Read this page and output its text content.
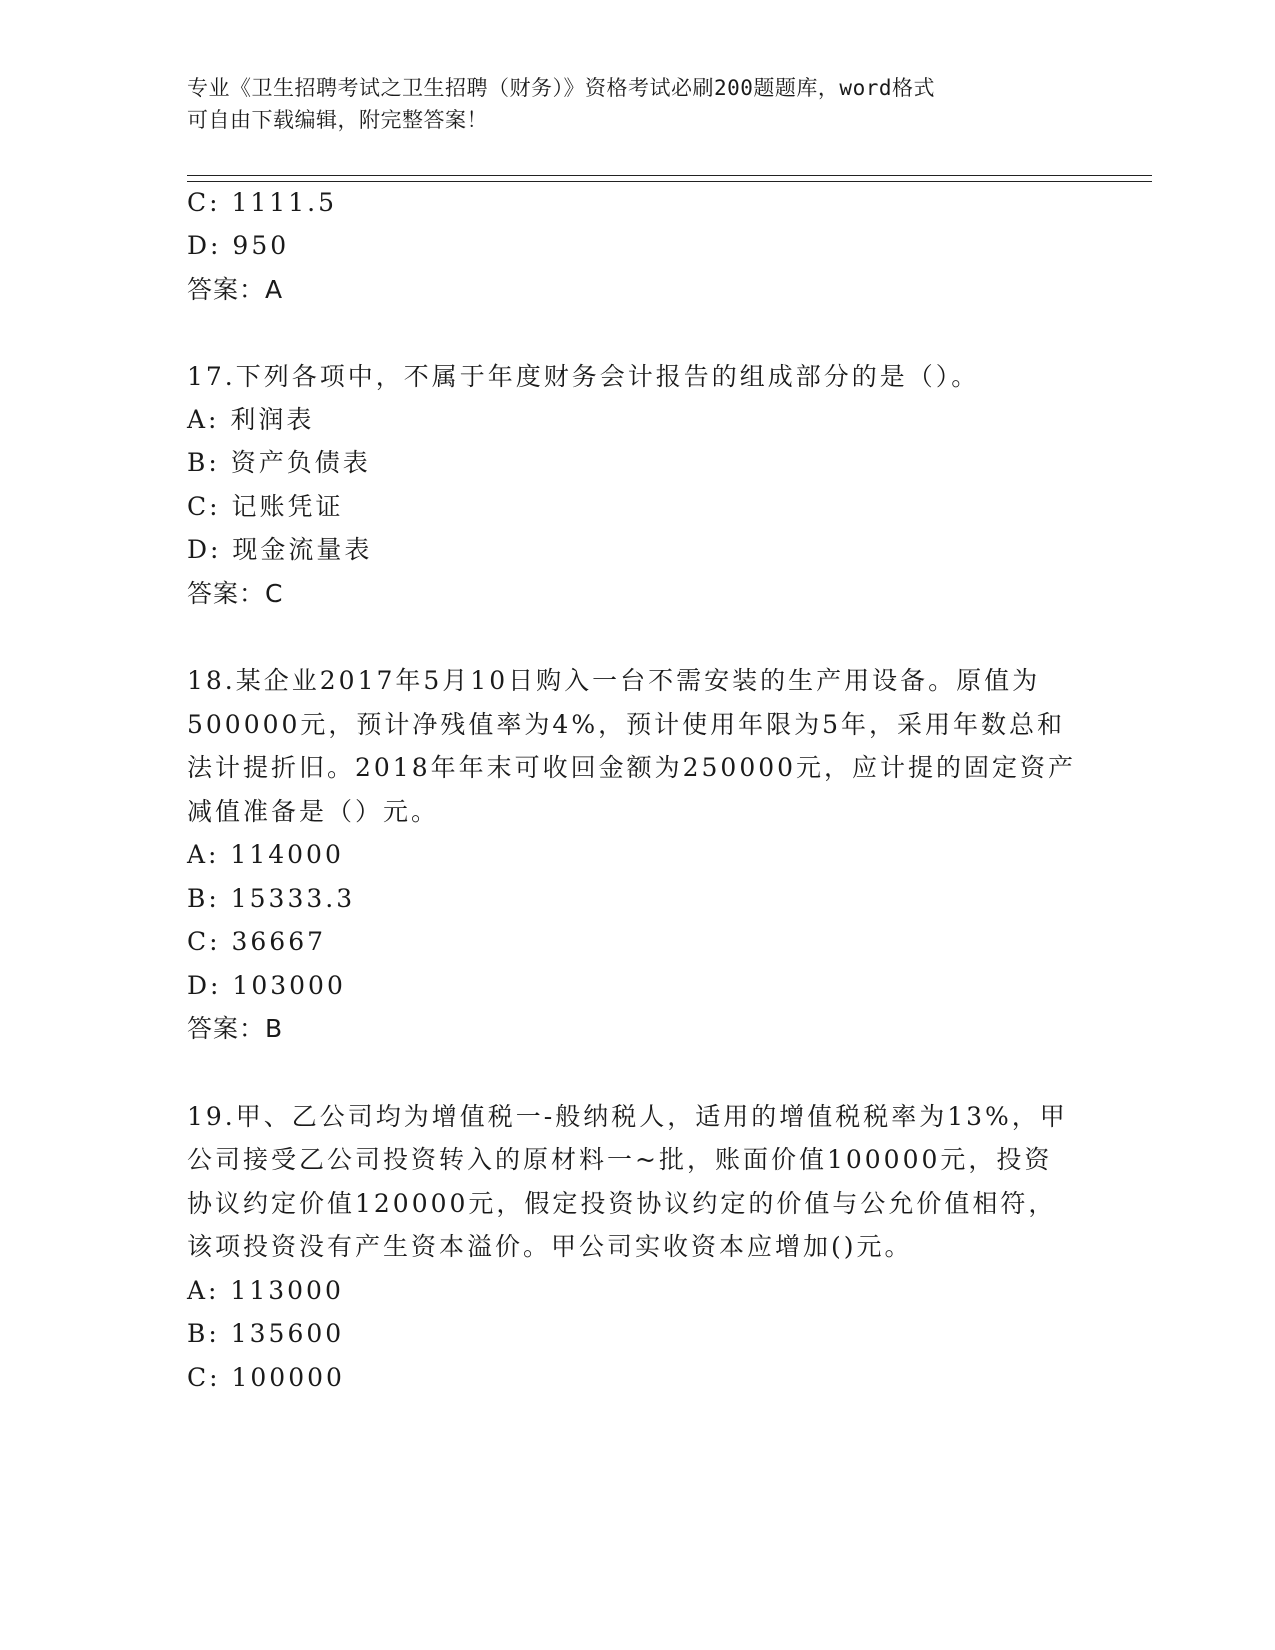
专业《卫生招聘考试之卫生招聘（财务）》资格考试必刷200题题库，word格式
可自由下载编辑，附完整答案！
C: 1111.5
D: 950
答案：A
17.下列各项中，不属于年度财务会计报告的组成部分的是（）。
A: 利润表
B: 资产负债表
C: 记账凭证
D: 现金流量表
答案：C
18.某企业2017年5月10日购入一台不需安装的生产用设备。原值为
500000元，预计净残值率为4%，预计使用年限为5年，采用年数总和
法计提折旧。2018年年末可收回金额为250000元，应计提的固定资产
减值准备是（）元。
A: 114000
B: 15333.3
C: 36667
D: 103000
答案：B
19.甲、乙公司均为增值税一-般纳税人，适用的增值税税率为13%，甲
公司接受乙公司投资转入的原材料一~批，账面价值100000元，投资
协议约定价值120000元，假定投资协议约定的价值与公允价值相符，
该项投资没有产生资本溢价。甲公司实收资本应增加()元。
A: 113000
B: 135600
C: 100000
